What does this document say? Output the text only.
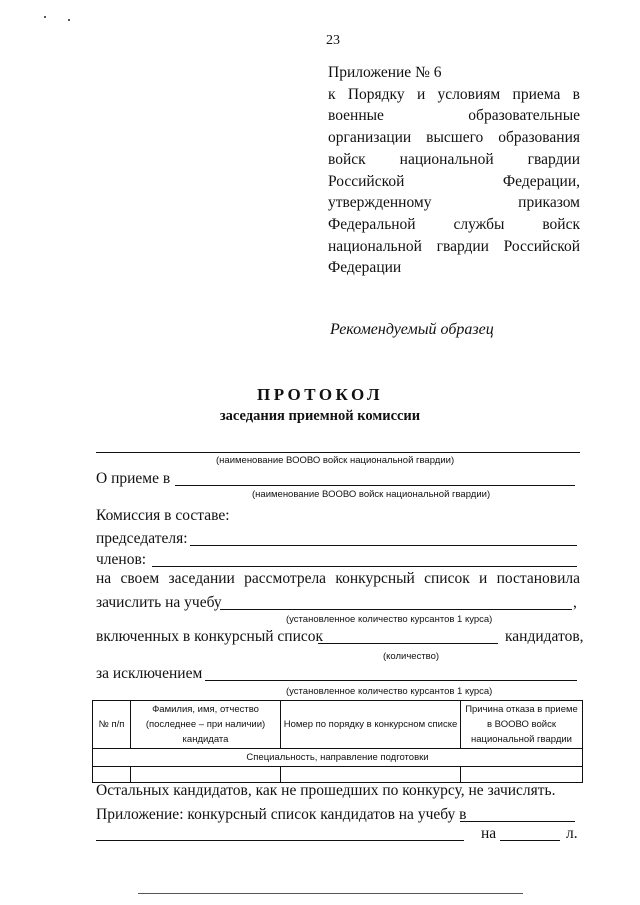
23
Приложение № 6
к Порядку и условиям приема в военные образовательные организации высшего образования войск национальной гвардии Российской Федерации, утвержденному приказом Федеральной службы войск национальной гвардии Российской Федерации
Рекомендуемый образец
ПРОТОКОЛ
заседания приемной комиссии
(наименование ВООВО войск национальной гвардии)
О приеме в
(наименование ВООВО войск национальной гвардии)
Комиссия в составе:
председателя:
членов:
на своем заседании рассмотрела конкурсный список и постановила
зачислить на учебу	,
(установленное количество курсантов 1 курса)
включенных в конкурсный список	кандидатов,
(количество)
за исключением
(установленное количество курсантов 1 курса)
№ п/п	Фамилия, имя, отчество (последнее – при наличии) кандидата	Номер по порядку в конкурсном списке	Причина отказа в приеме в ВООВО войск национальной гвардии
Специальность, направление подготовки			

Остальных кандидатов, как не прошедших по конкурсу, не зачислять.
Приложение: конкурсный список кандидатов на учебу в
на	л.
